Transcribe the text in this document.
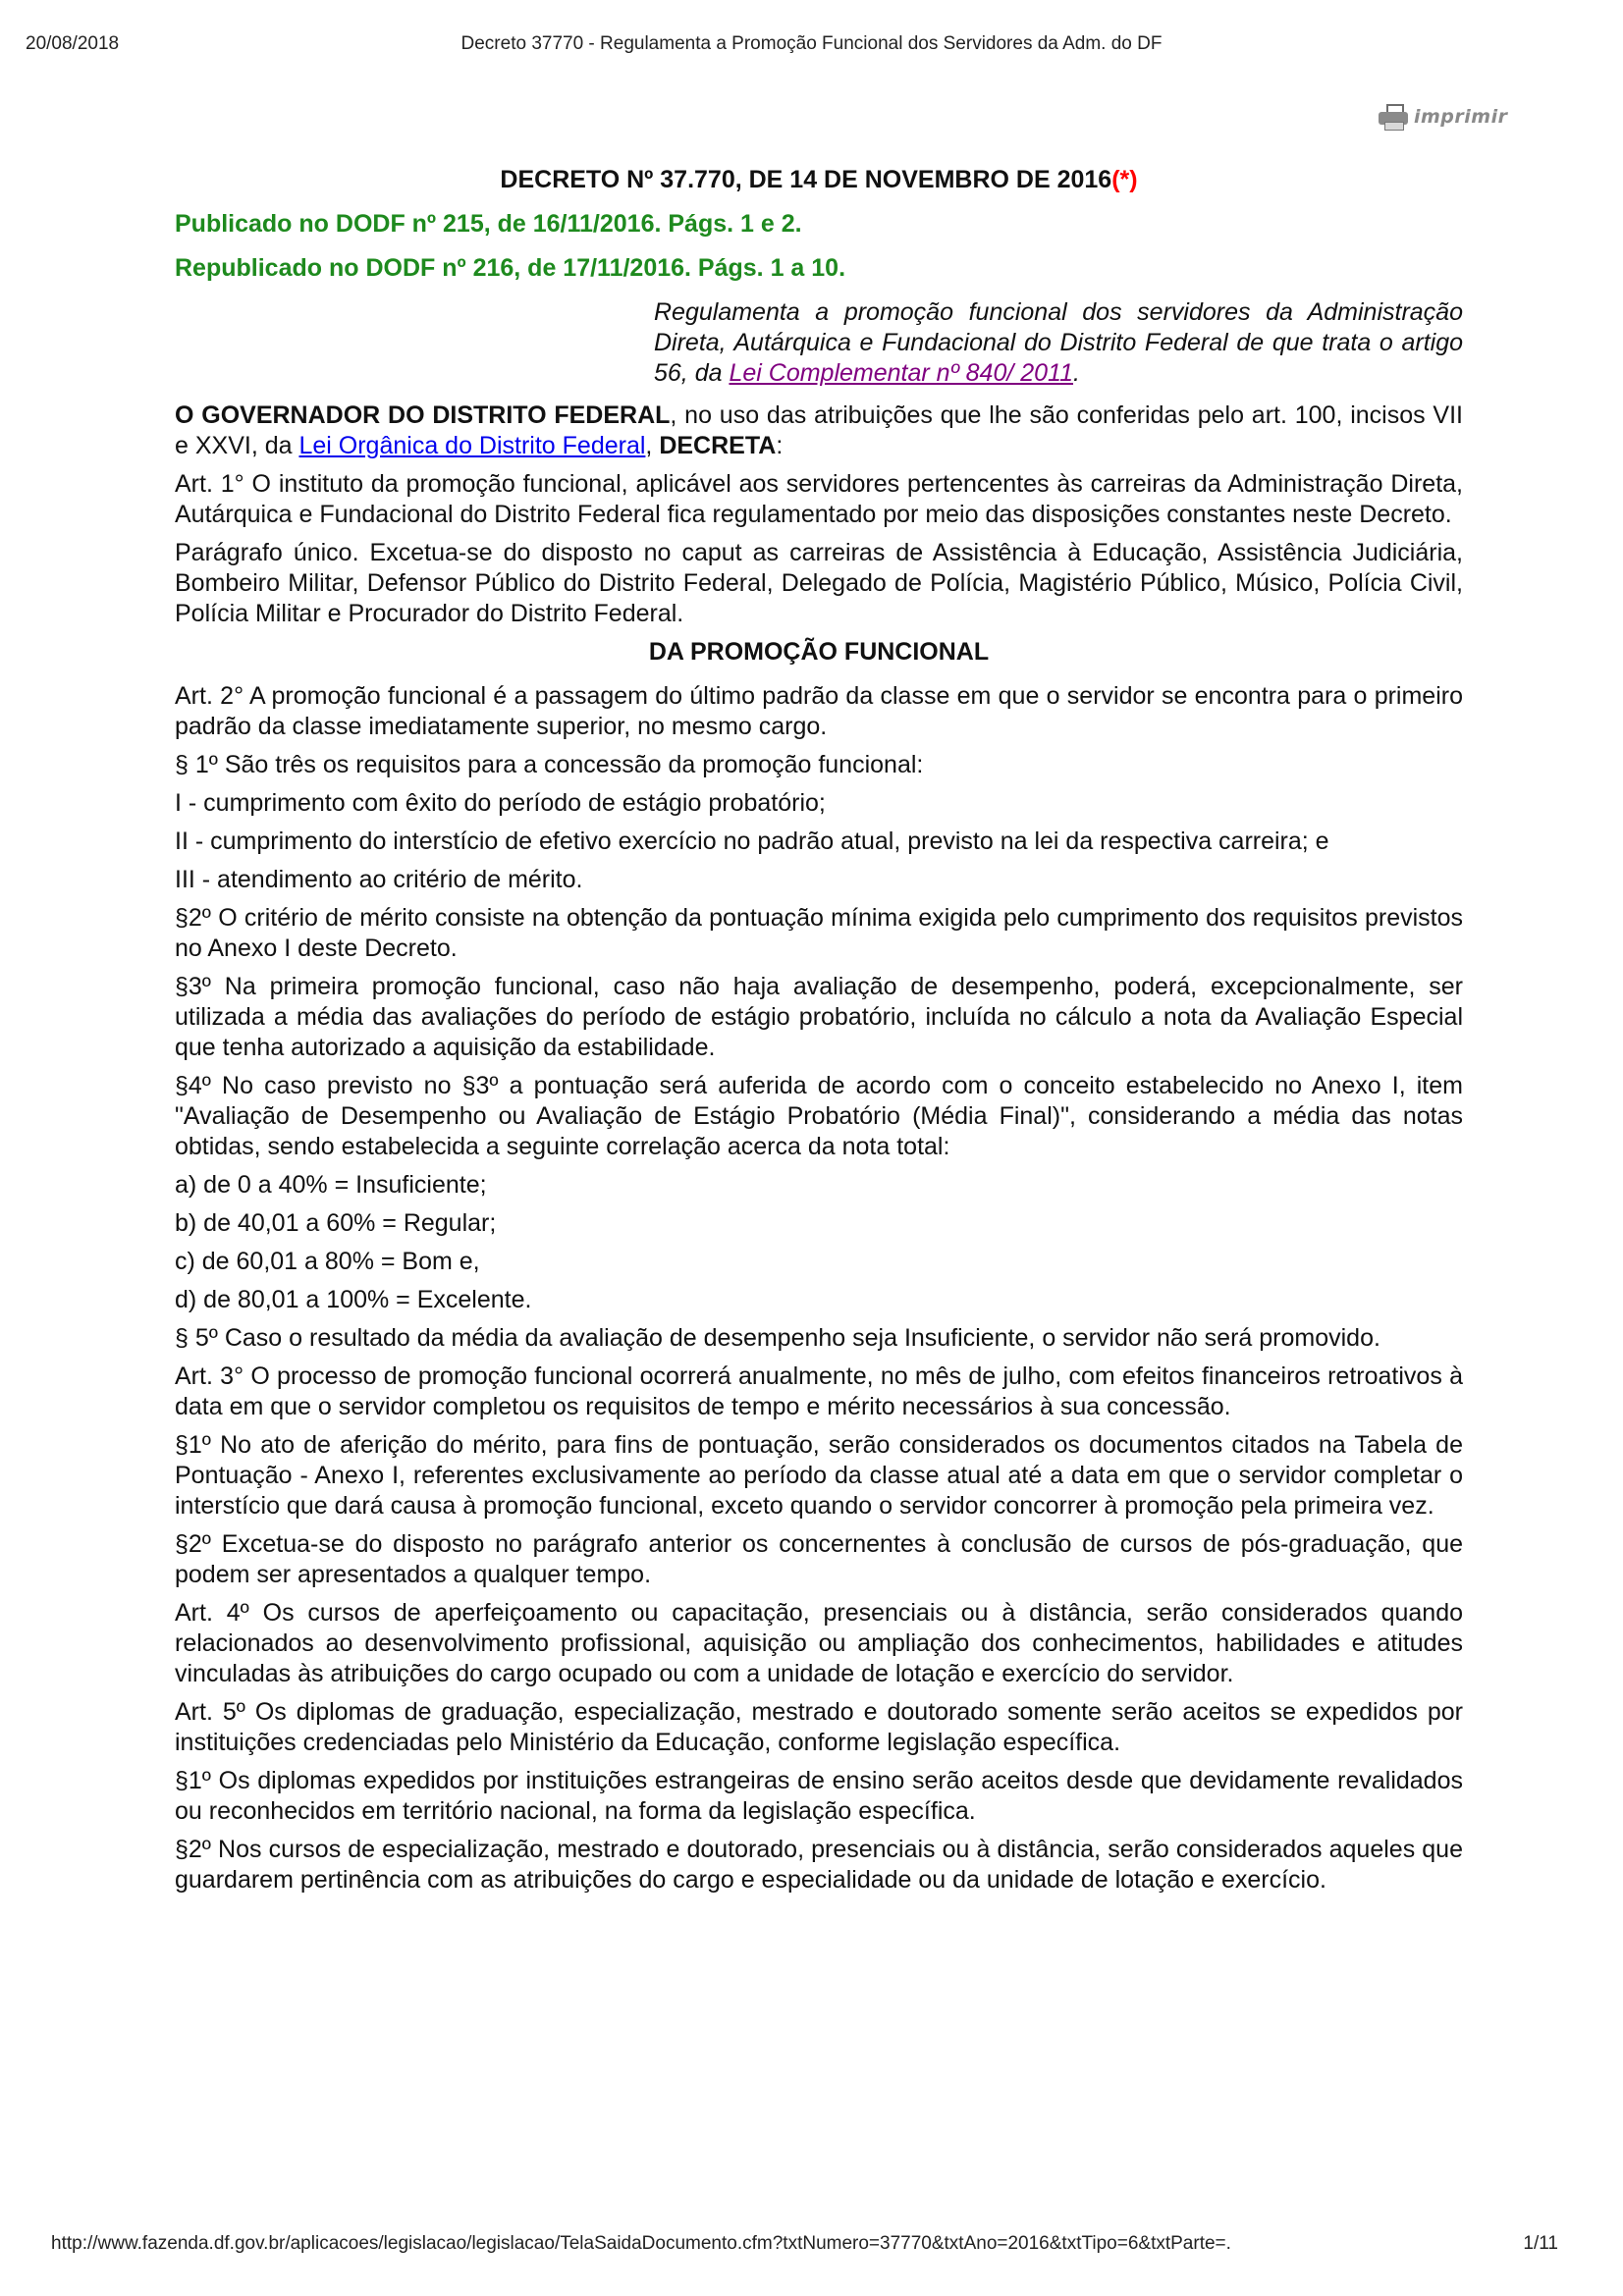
20/08/2018	Decreto 37770 - Regulamenta a Promoção Funcional dos Servidores da Adm. do DF
imprimir

DECRETO Nº 37.770, DE 14 DE NOVEMBRO DE 2016(*)

Publicado no DODF nº 215, de 16/11/2016. Págs. 1 e 2.

Republicado no DODF nº 216, de 17/11/2016. Págs. 1 a 10.

Regulamenta a promoção funcional dos servidores da Administração Direta, Autárquica e Fundacional do Distrito Federal de que trata o artigo 56, da Lei Complementar nº 840/ 2011.

O GOVERNADOR DO DISTRITO FEDERAL, no uso das atribuições que lhe são conferidas pelo art. 100, incisos VII e XXVI, da Lei Orgânica do Distrito Federal, DECRETA:

Art. 1° O instituto da promoção funcional, aplicável aos servidores pertencentes às carreiras da Administração Direta, Autárquica e Fundacional do Distrito Federal fica regulamentado por meio das disposições constantes neste Decreto.

Parágrafo único. Excetua-se do disposto no caput as carreiras de Assistência à Educação, Assistência Judiciária, Bombeiro Militar, Defensor Público do Distrito Federal, Delegado de Polícia, Magistério Público, Músico, Polícia Civil, Polícia Militar e Procurador do Distrito Federal.

DA PROMOÇÃO FUNCIONAL

Art. 2° A promoção funcional é a passagem do último padrão da classe em que o servidor se encontra para o primeiro padrão da classe imediatamente superior, no mesmo cargo.

§ 1º São três os requisitos para a concessão da promoção funcional:

I - cumprimento com êxito do período de estágio probatório;

II - cumprimento do interstício de efetivo exercício no padrão atual, previsto na lei da respectiva carreira; e

III - atendimento ao critério de mérito.

§2º O critério de mérito consiste na obtenção da pontuação mínima exigida pelo cumprimento dos requisitos previstos no Anexo I deste Decreto.

§3º Na primeira promoção funcional, caso não haja avaliação de desempenho, poderá, excepcionalmente, ser utilizada a média das avaliações do período de estágio probatório, incluída no cálculo a nota da Avaliação Especial que tenha autorizado a aquisição da estabilidade.

§4º No caso previsto no §3º a pontuação será auferida de acordo com o conceito estabelecido no Anexo I, item "Avaliação de Desempenho ou Avaliação de Estágio Probatório (Média Final)", considerando a média das notas obtidas, sendo estabelecida a seguinte correlação acerca da nota total:

a) de 0 a 40% = Insuficiente;

b) de 40,01 a 60% = Regular;

c) de 60,01 a 80% = Bom e,

d) de 80,01 a 100% = Excelente.

§ 5º Caso o resultado da média da avaliação de desempenho seja Insuficiente, o servidor não será promovido.

Art. 3° O processo de promoção funcional ocorrerá anualmente, no mês de julho, com efeitos financeiros retroativos à data em que o servidor completou os requisitos de tempo e mérito necessários à sua concessão.

§1º No ato de aferição do mérito, para fins de pontuação, serão considerados os documentos citados na Tabela de Pontuação - Anexo I, referentes exclusivamente ao período da classe atual até a data em que o servidor completar o interstício que dará causa à promoção funcional, exceto quando o servidor concorrer à promoção pela primeira vez.

§2º Excetua-se do disposto no parágrafo anterior os concernentes à conclusão de cursos de pós-graduação, que podem ser apresentados a qualquer tempo.

Art. 4º Os cursos de aperfeiçoamento ou capacitação, presenciais ou à distância, serão considerados quando relacionados ao desenvolvimento profissional, aquisição ou ampliação dos conhecimentos, habilidades e atitudes vinculadas às atribuições do cargo ocupado ou com a unidade de lotação e exercício do servidor.

Art. 5º Os diplomas de graduação, especialização, mestrado e doutorado somente serão aceitos se expedidos por instituições credenciadas pelo Ministério da Educação, conforme legislação específica.

§1º Os diplomas expedidos por instituições estrangeiras de ensino serão aceitos desde que devidamente revalidados ou reconhecidos em território nacional, na forma da legislação específica.

§2º Nos cursos de especialização, mestrado e doutorado, presenciais ou à distância, serão considerados aqueles que guardarem pertinência com as atribuições do cargo e especialidade ou da unidade de lotação e exercício.

http://www.fazenda.df.gov.br/aplicacoes/legislacao/legislacao/TelaSaidaDocumento.cfm?txtNumero=37770&txtAno=2016&txtTipo=6&txtParte=.	1/11
